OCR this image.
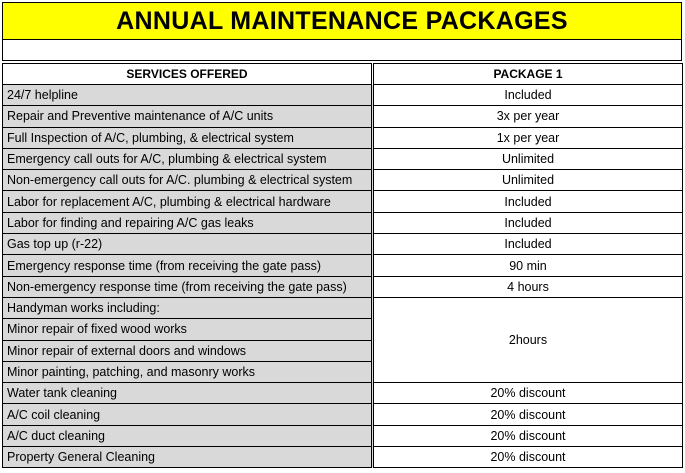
ANNUAL MAINTENANCE PACKAGES
SERVICES OFFERED	PACKAGE 1
24/7 helpline	Included
Repair and Preventive maintenance of A/C units	3x per year
Full Inspection of A/C, plumbing, & electrical system	1x per year
Emergency call outs for A/C, plumbing & electrical system	Unlimited
Non-emergency call outs for A/C. plumbing & electrical system	Unlimited
Labor for replacement A/C, plumbing & electrical hardware	Included
Labor for finding and repairing A/C gas leaks	Included
Gas top up (r-22)	Included
Emergency response time (from receiving the gate pass)	90 min
Non-emergency response time (from receiving the gate pass)	4 hours
Handyman works including:	2hours
Minor repair of fixed wood works	
Minor repair of external doors and windows	
Minor painting, patching, and masonry works	
Water tank cleaning	20% discount
A/C coil cleaning	20% discount
A/C duct cleaning	20% discount
Property General Cleaning	20% discount
